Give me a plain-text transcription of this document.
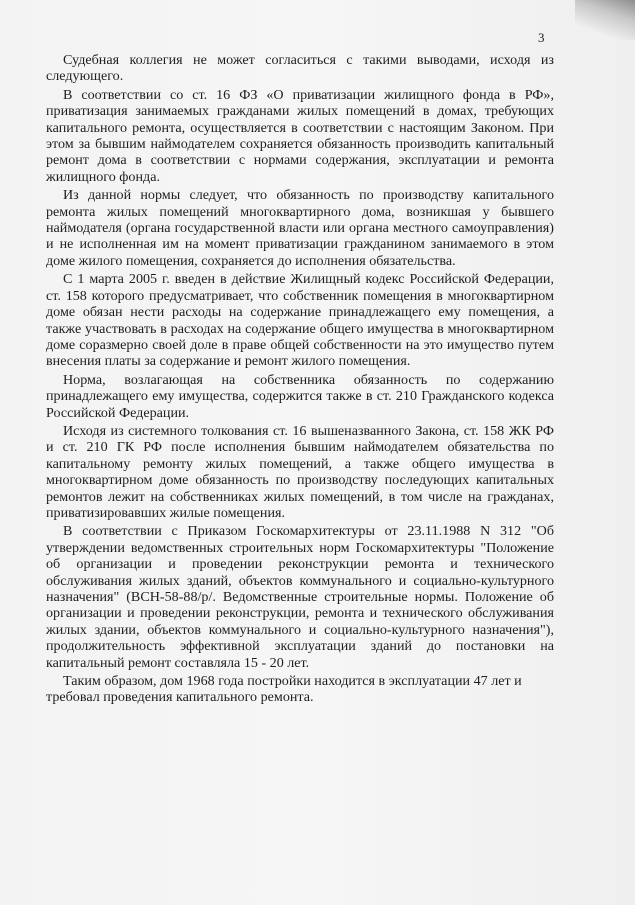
3

Судебная коллегия не может согласиться с такими выводами, исходя из следующего.

В соответствии со ст. 16 ФЗ «О приватизации жилищного фонда в РФ», приватизация занимаемых гражданами жилых помещений в домах, требующих капитального ремонта, осуществляется в соответствии с настоящим Законом. При этом за бывшим наймодателем сохраняется обязанность производить капитальный ремонт дома в соответствии с нормами содержания, эксплуатации и ремонта жилищного фонда.

Из данной нормы следует, что обязанность по производству капитального ремонта жилых помещений многоквартирного дома, возникшая у бывшего наймодателя (органа государственной власти или органа местного самоуправления) и не исполненная им на момент приватизации гражданином занимаемого в этом доме жилого помещения, сохраняется до исполнения обязательства.

С 1 марта 2005 г. введен в действие Жилищный кодекс Российской Федерации, ст. 158 которого предусматривает, что собственник помещения в многоквартирном доме обязан нести расходы на содержание принадлежащего ему помещения, а также участвовать в расходах на содержание общего имущества в многоквартирном доме соразмерно своей доле в праве общей собственности на это имущество путем внесения платы за содержание и ремонт жилого помещения.

Норма, возлагающая на собственника обязанность по содержанию принадлежащего ему имущества, содержится также в ст. 210 Гражданского кодекса Российской Федерации.

Исходя из системного толкования ст. 16 вышеназванного Закона, ст. 158 ЖК РФ и ст. 210 ГК РФ после исполнения бывшим наймодателем обязательства по капитальному ремонту жилых помещений, а также общего имущества в многоквартирном доме обязанность по производству последующих капитальных ремонтов лежит на собственниках жилых помещений, в том числе на гражданах, приватизировавших жилые помещения.

В соответствии с Приказом Госкомархитектуры от 23.11.1988 N 312 "Об утверждении ведомственных строительных норм Госкомархитектуры "Положение об организации и проведении реконструкции ремонта и технического обслуживания жилых зданий, объектов коммунального и социально-культурного назначения" (ВСН-58-88/р/. Ведомственные строительные нормы. Положение об организации и проведении реконструкции, ремонта и технического обслуживания жилых здании, объектов коммунального и социально-культурного назначения"), продолжительность эффективной эксплуатации зданий до постановки на капитальный ремонт составляла 15 - 20 лет.

Таким образом, дом 1968 года постройки находится в эксплуатации 47 лет и требовал проведения капитального ремонта.
